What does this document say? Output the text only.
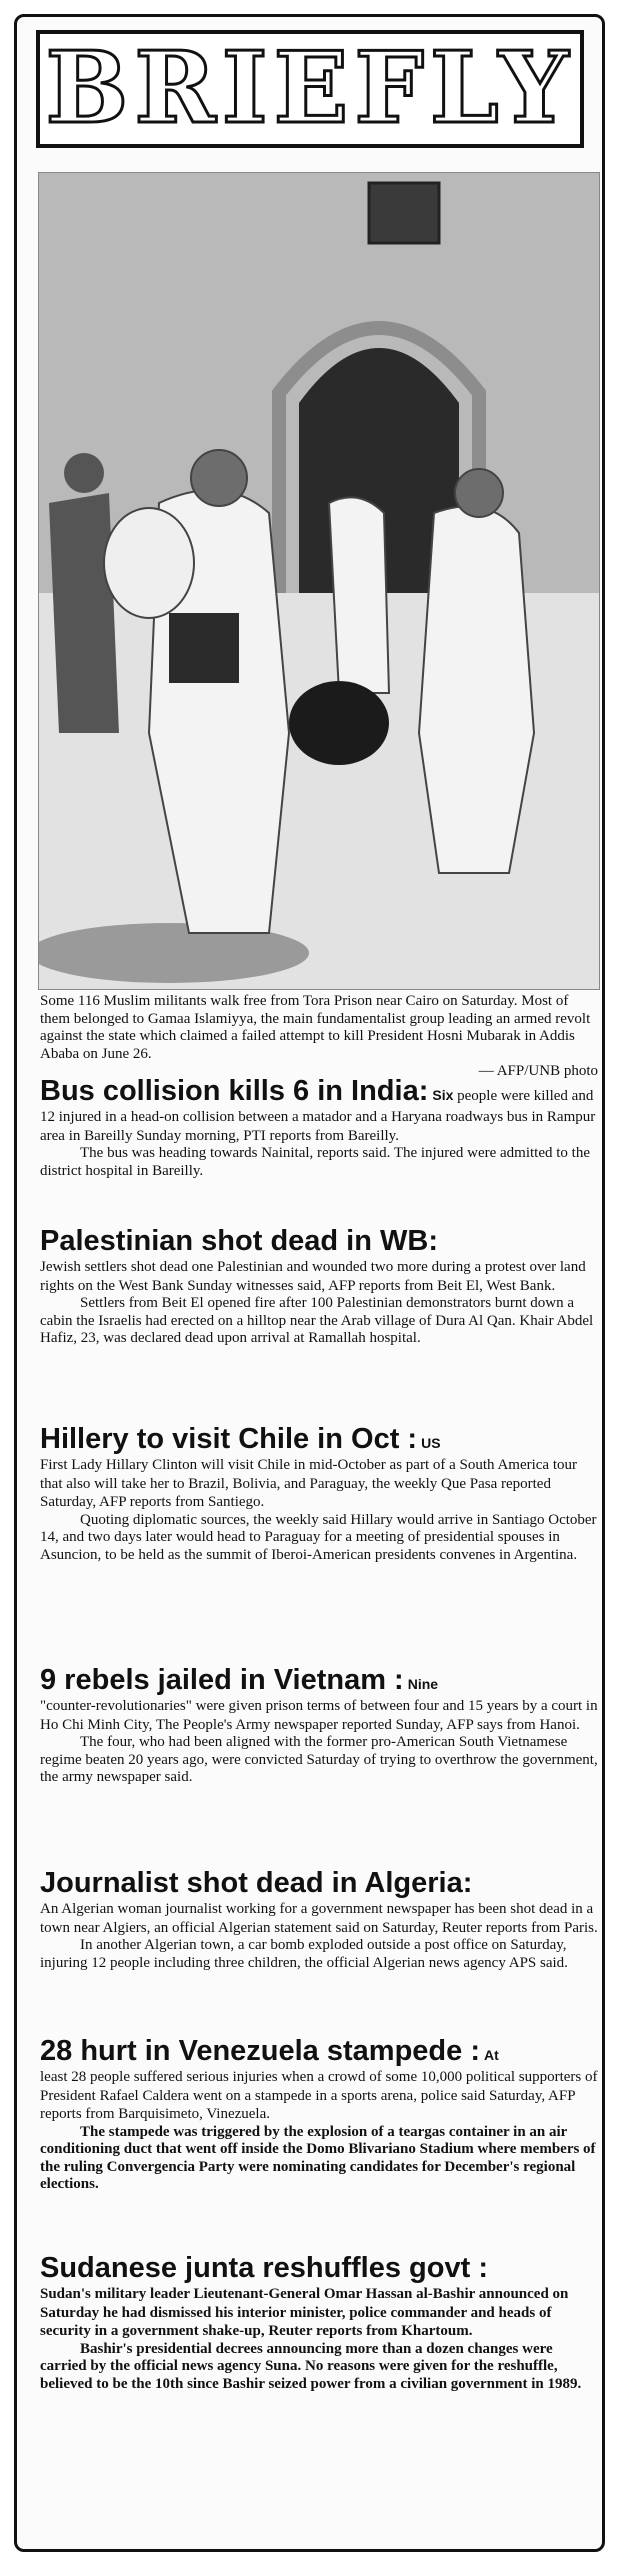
BRIEFLY

Some 116 Muslim militants walk free from Tora Prison near Cairo on Saturday. Most of them belonged to Gamaa Islamiyya, the main fundamentalist group leading an armed revolt against the state which claimed a failed attempt to kill President Hosni Mubarak in Addis Ababa on June 26.

— AFP/UNB photo

Bus collision kills 6 in India: Six people were killed and 12 injured in a head-on collision between a matador and a Haryana roadways bus in Rampur area in Bareilly Sunday morning, PTI reports from Bareilly.

The bus was heading towards Nainital, reports said. The injured were admitted to the district hospital in Bareilly.

Palestinian shot dead in WB:
Jewish settlers shot dead one Palestinian and wounded two more during a protest over land rights on the West Bank Sunday witnesses said, AFP reports from Beit El, West Bank.

Settlers from Beit El opened fire after 100 Palestinian demonstrators burnt down a cabin the Israelis had erected on a hilltop near the Arab village of Dura Al Qan. Khair Abdel Hafiz, 23, was declared dead upon arrival at Ramallah hospital.

Hillery to visit Chile in Oct : US
First Lady Hillary Clinton will visit Chile in mid-October as part of a South America tour that also will take her to Brazil, Bolivia, and Paraguay, the weekly Que Pasa reported Saturday, AFP reports from Santiego.

Quoting diplomatic sources, the weekly said Hillary would arrive in Santiago October 14, and two days later would head to Paraguay for a meeting of presidential spouses in Asuncion, to be held as the summit of Iberoi-American presidents convenes in Argentina.

9 rebels jailed in Vietnam : Nine
"counter-revolutionaries" were given prison terms of between four and 15 years by a court in Ho Chi Minh City, The People's Army newspaper reported Sunday, AFP says from Hanoi.

The four, who had been aligned with the former pro-American South Vietnamese regime beaten 20 years ago, were convicted Saturday of trying to overthrow the government, the army newspaper said.

Journalist shot dead in Algeria:
An Algerian woman journalist working for a government newspaper has been shot dead in a town near Algiers, an official Algerian statement said on Saturday, Reuter reports from Paris.

In another Algerian town, a car bomb exploded outside a post office on Saturday, injuring 12 people including three children, the official Algerian news agency APS said.

28 hurt in Venezuela stampede : At
least 28 people suffered serious injuries when a crowd of some 10,000 political supporters of President Rafael Caldera went on a stampede in a sports arena, police said Saturday, AFP reports from Barquisimeto, Vinezuela.

The stampede was triggered by the explosion of a teargas container in an air conditioning duct that went off inside the Domo Blivariano Stadium where members of the ruling Convergencia Party were nominating candidates for December's regional elections.

Sudanese junta reshuffles govt :
Sudan's military leader Lieutenant-General Omar Hassan al-Bashir announced on Saturday he had dismissed his interior minister, police commander and heads of security in a government shake-up, Reuter reports from Khartoum.

Bashir's presidential decrees announcing more than a dozen changes were carried by the official news agency Suna. No reasons were given for the reshuffle, believed to be the 10th since Bashir seized power from a civilian government in 1989.
